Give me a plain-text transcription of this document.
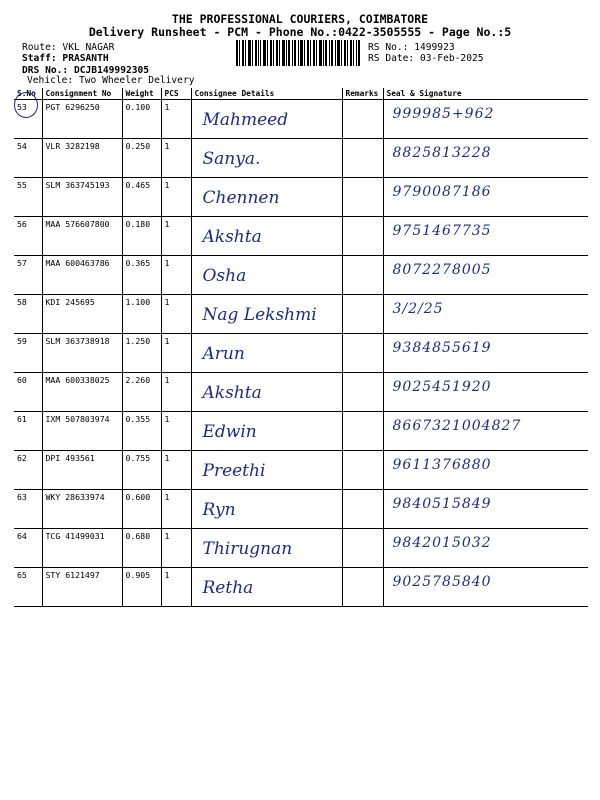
THE PROFESSIONAL COURIERS, COIMBATORE
Delivery Runsheet - PCM - Phone No.:0422-3505555 - Page No.:5
Route: VKL NAGAR
Staff: PRASANTH
DRS No.: DCJB149992305
Vehicle: Two Wheeler Delivery
RS No.: 1499923
RS Date: 03-Feb-2025
S.No	Consignment No	Weight	PCS	Consignee Details	Remarks	Seal & Signature
53	PGT 6296250	0.100	1	Mahmeed		999985+962
54	VLR 3282198	0.250	1	Sanya.		8825813228
55	SLM 363745193	0.465	1	Chennen		9790087186
56	MAA 576607800	0.180	1	Akshta		9751467735
57	MAA 600463786	0.365	1	Osha		8072278005
58	KDI 245695	1.100	1	Nag Lekshmi		3/2/25
59	SLM 363738918	1.250	1	Arun		9384855619
60	MAA 600338025	2.260	1	Akshta		9025451920
61	IXM 507803974	0.355	1	Edwin		8667321004827
62	DPI 493561	0.755	1	Preethi		9611376880
63	WKY 28633974	0.600	1	Ryn		9840515849
64	TCG 41499031	0.680	1	Thirugnan		9842015032
65	STY 6121497	0.905	1	Retha		9025785840
